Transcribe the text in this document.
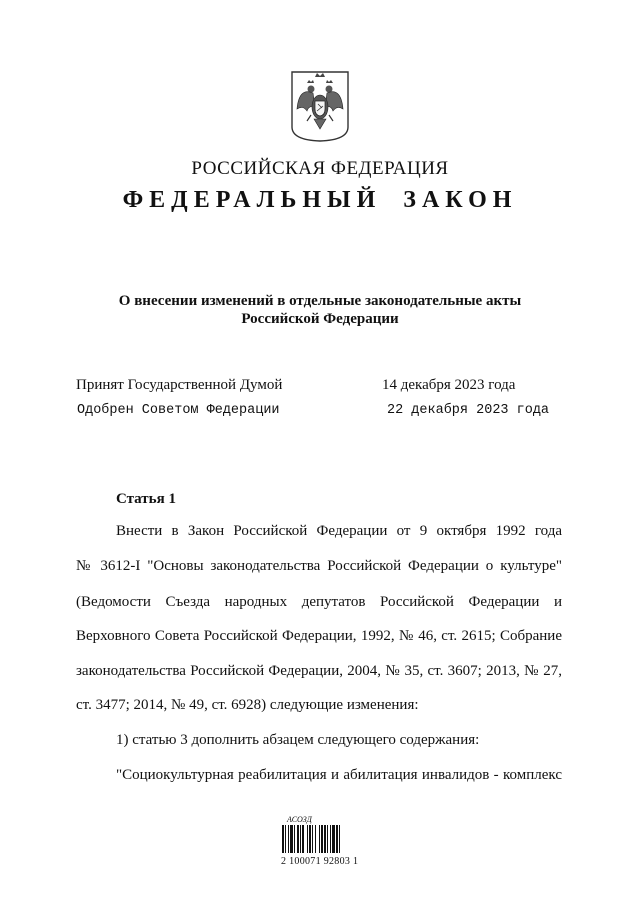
РОССИЙСКАЯ ФЕДЕРАЦИЯ
ФЕДЕРАЛЬНЫЙ ЗАКОН
О внесении изменений в отдельные законодательные акты
Российской Федерации
Принят Государственной Думой	14 декабря 2023 года
Одобрен Советом Федерации	22 декабря 2023 года
Статья 1
Внести в Закон Российской Федерации от 9 октября 1992 года
№ 3612-I "Основы законодательства Российской Федерации о культуре"
(Ведомости Съезда народных депутатов Российской Федерации и
Верховного Совета Российской Федерации, 1992, № 46, ст. 2615; Собрание
законодательства Российской Федерации, 2004, № 35, ст. 3607; 2013, № 27,
ст. 3477; 2014, № 49, ст. 6928) следующие изменения:
1) статью 3 дополнить абзацем следующего содержания:
"Социокультурная реабилитация и абилитация инвалидов - комплекс
АСОЗД
2 100071 92803 1
